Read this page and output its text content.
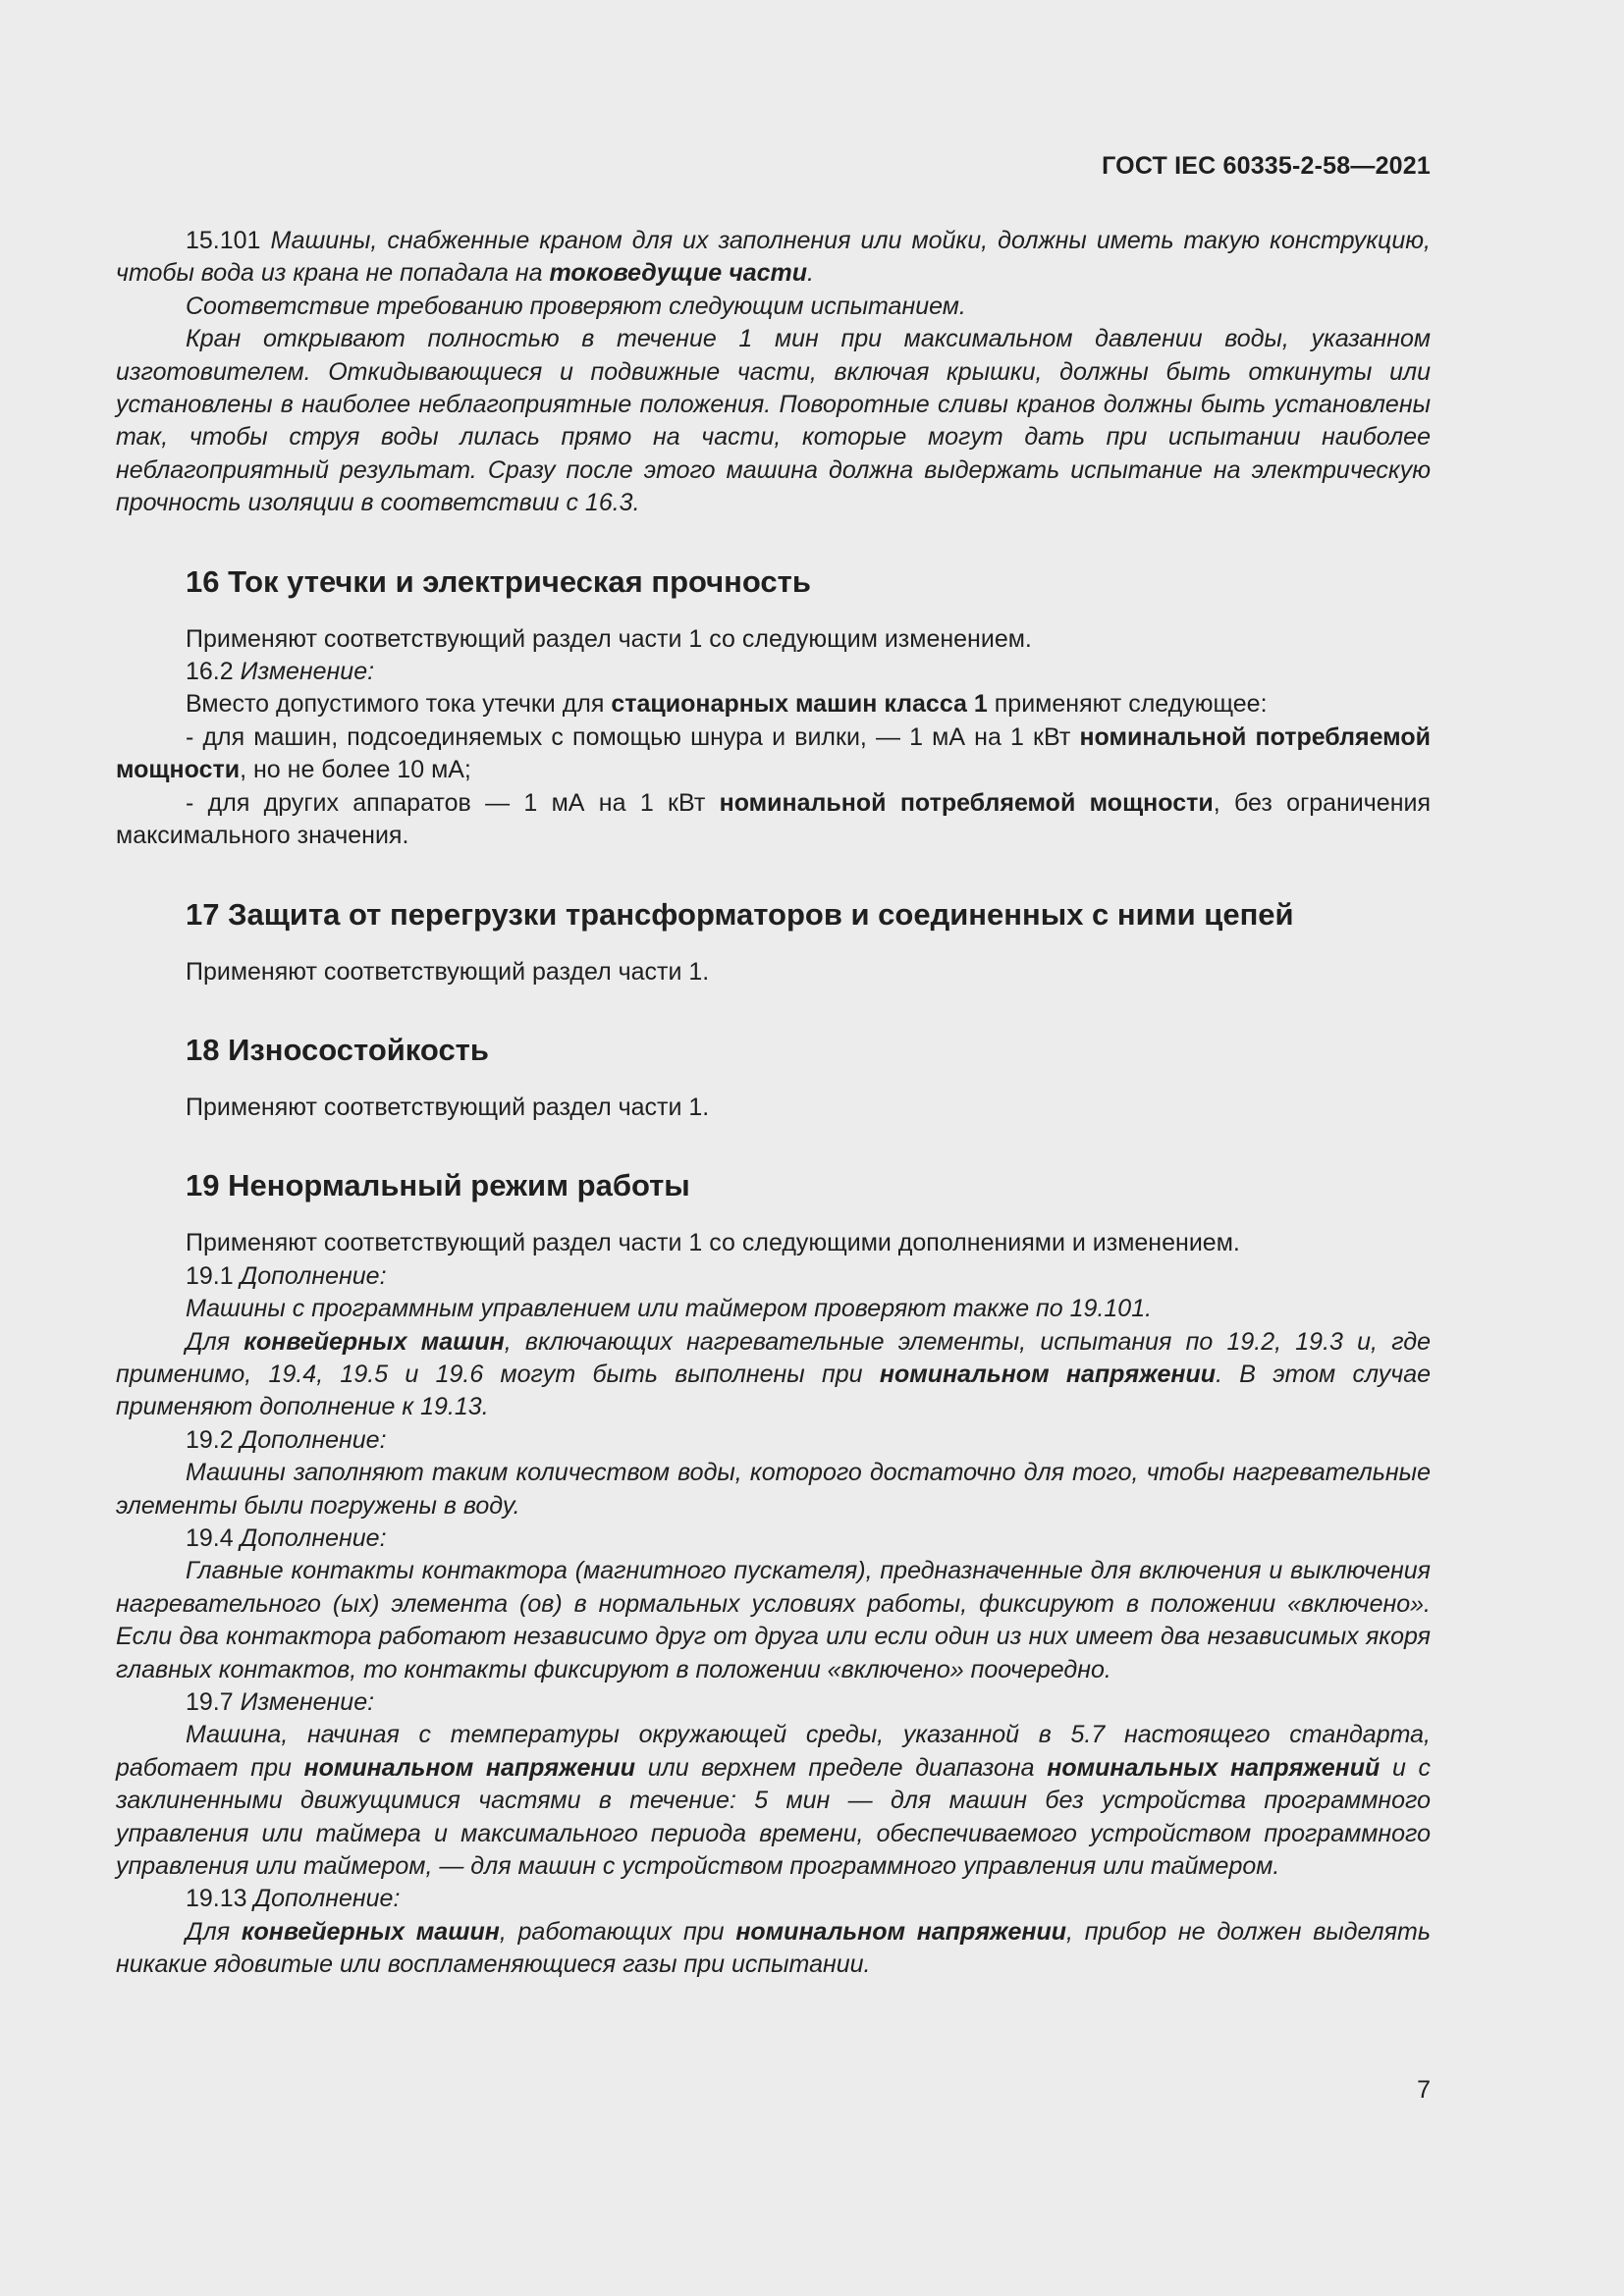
ГОСТ IEC 60335-2-58—2021

15.101 Машины, снабженные краном для их заполнения или мойки, должны иметь такую конструкцию, чтобы вода из крана не попадала на токоведущие части.

Соответствие требованию проверяют следующим испытанием.

Кран открывают полностью в течение 1 мин при максимальном давлении воды, указанном изготовителем. Откидывающиеся и подвижные части, включая крышки, должны быть откинуты или установлены в наиболее неблагоприятные положения. Поворотные сливы кранов должны быть установлены так, чтобы струя воды лилась прямо на части, которые могут дать при испытании наиболее неблагоприятный результат. Сразу после этого машина должна выдержать испытание на электрическую прочность изоляции в соответствии с 16.3.

16 Ток утечки и электрическая прочность

Применяют соответствующий раздел части 1 со следующим изменением.

16.2 Изменение:

Вместо допустимого тока утечки для стационарных машин класса 1 применяют следующее:

- для машин, подсоединяемых с помощью шнура и вилки, — 1 мА на 1 кВт номинальной потребляемой мощности, но не более 10 мА;

- для других аппаратов — 1 мА на 1 кВт номинальной потребляемой мощности, без ограничения максимального значения.

17 Защита от перегрузки трансформаторов и соединенных с ними цепей

Применяют соответствующий раздел части 1.

18 Износостойкость

Применяют соответствующий раздел части 1.

19 Ненормальный режим работы

Применяют соответствующий раздел части 1 со следующими дополнениями и изменением.

19.1 Дополнение:

Машины с программным управлением или таймером проверяют также по 19.101.

Для конвейерных машин, включающих нагревательные элементы, испытания по 19.2, 19.3 и, где применимо, 19.4, 19.5 и 19.6 могут быть выполнены при номинальном напряжении. В этом случае применяют дополнение к 19.13.

19.2 Дополнение:

Машины заполняют таким количеством воды, которого достаточно для того, чтобы нагревательные элементы были погружены в воду.

19.4 Дополнение:

Главные контакты контактора (магнитного пускателя), предназначенные для включения и выключения нагревательного (ых) элемента (ов) в нормальных условиях работы, фиксируют в положении «включено». Если два контактора работают независимо друг от друга или если один из них имеет два независимых якоря главных контактов, то контакты фиксируют в положении «включено» поочередно.

19.7 Изменение:

Машина, начиная с температуры окружающей среды, указанной в 5.7 настоящего стандарта, работает при номинальном напряжении или верхнем пределе диапазона номинальных напряжений и с заклиненными движущимися частями в течение: 5 мин — для машин без устройства программного управления или таймера и максимального периода времени, обеспечиваемого устройством программного управления или таймером, — для машин с устройством программного управления или таймером.

19.13 Дополнение:

Для конвейерных машин, работающих при номинальном напряжении, прибор не должен выделять никакие ядовитые или воспламеняющиеся газы при испытании.

7
